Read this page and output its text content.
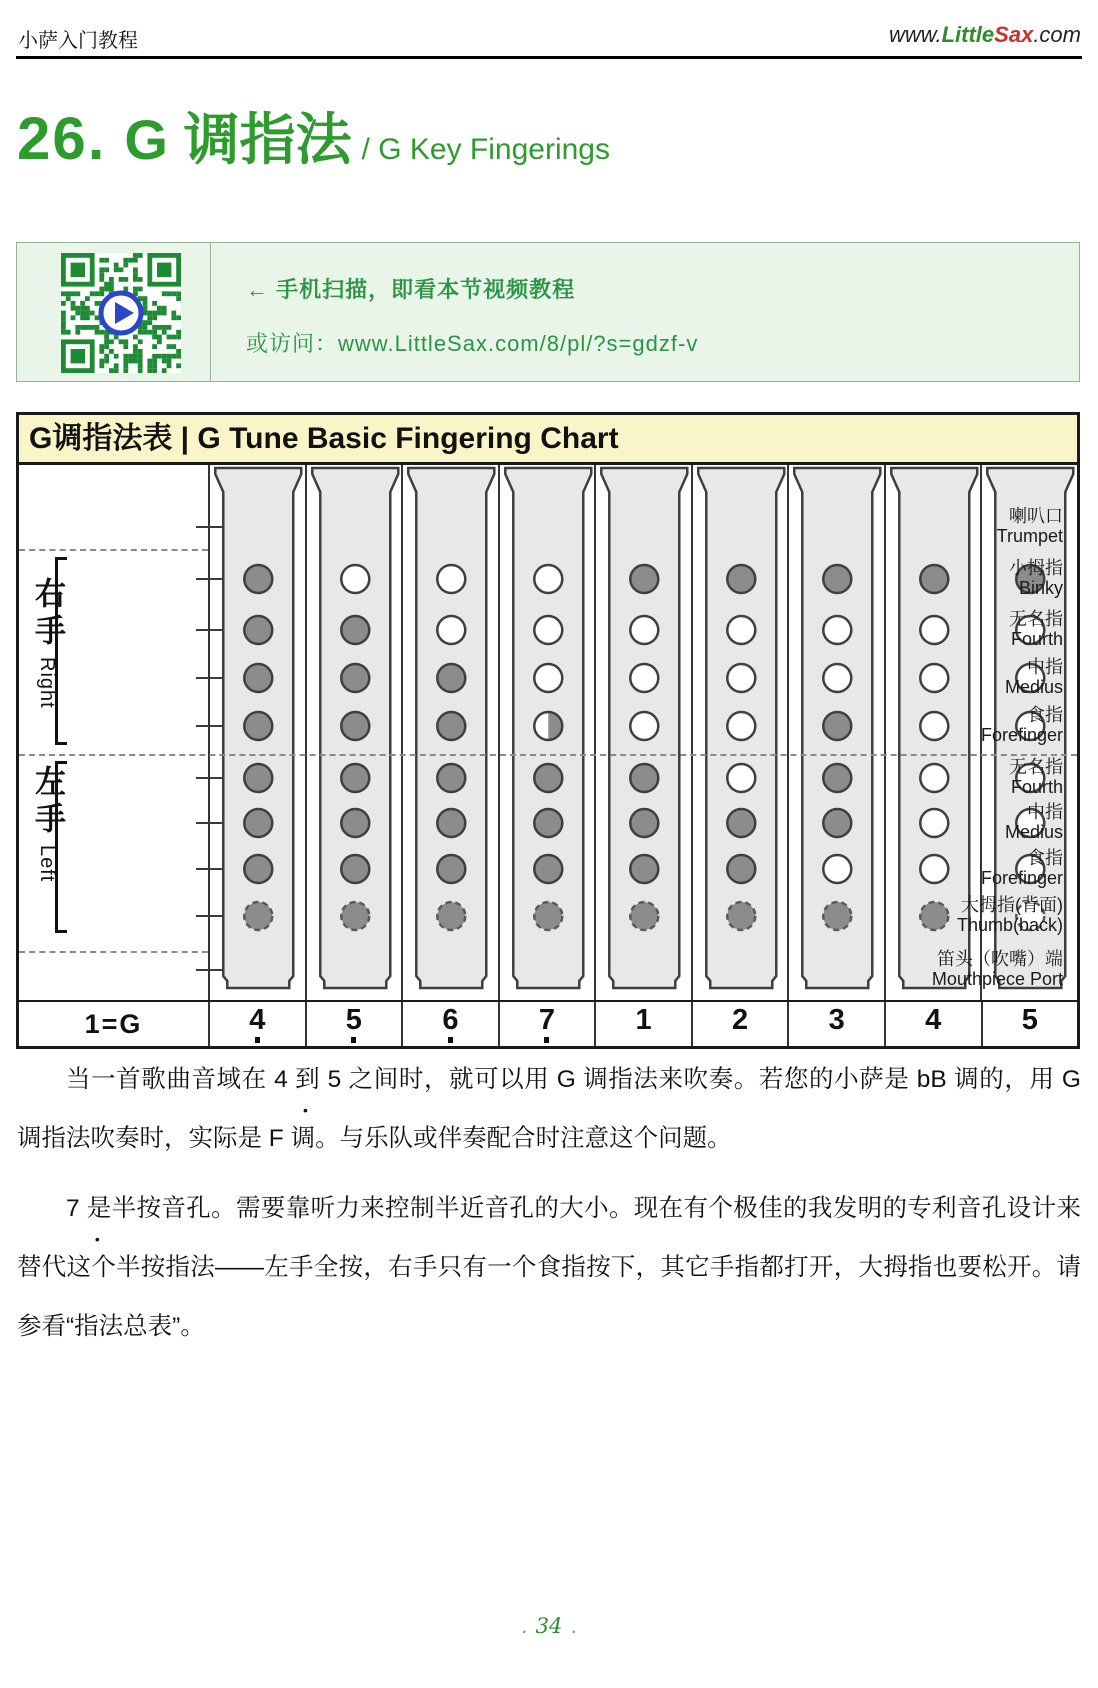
小萨入门教程	www.LittleSax.com
26. G 调指法 / G Key Fingerings
← 手机扫描，即看本节视频教程
或访问：www.LittleSax.com/8/pl/?s=gdzf-v
G调指法表 | G Tune Basic Fingering Chart
喇叭口
Trumpet
小拇指
Binky
无名指
Fourth
中指
Medius
食指
Forefinger
无名指
Fourth
中指
Medius
食指
Forefinger
大拇指(背面)
Thumb(back)
笛头（吹嘴）端
Mouthpiece Port
右手Right
左手Left
1=G	4	5	6	7	1	2	3	4	5

当一首歌曲音域在 4 • 到 5 之间时，就可以用 G 调指法来吹奏。若您的小萨是 bB 调的，用 G 调指法吹奏时，实际是 F 调。与乐队或伴奏配合时注意这个问题。

7 • 是半按音孔。需要靠听力来控制半近音孔的大小。现在有个极佳的我发明的专利音孔设计来替代这个半按指法——左手全按，右手只有一个食指按下，其它手指都打开，大拇指也要松开。请参看“指法总表”。

. 34 .
